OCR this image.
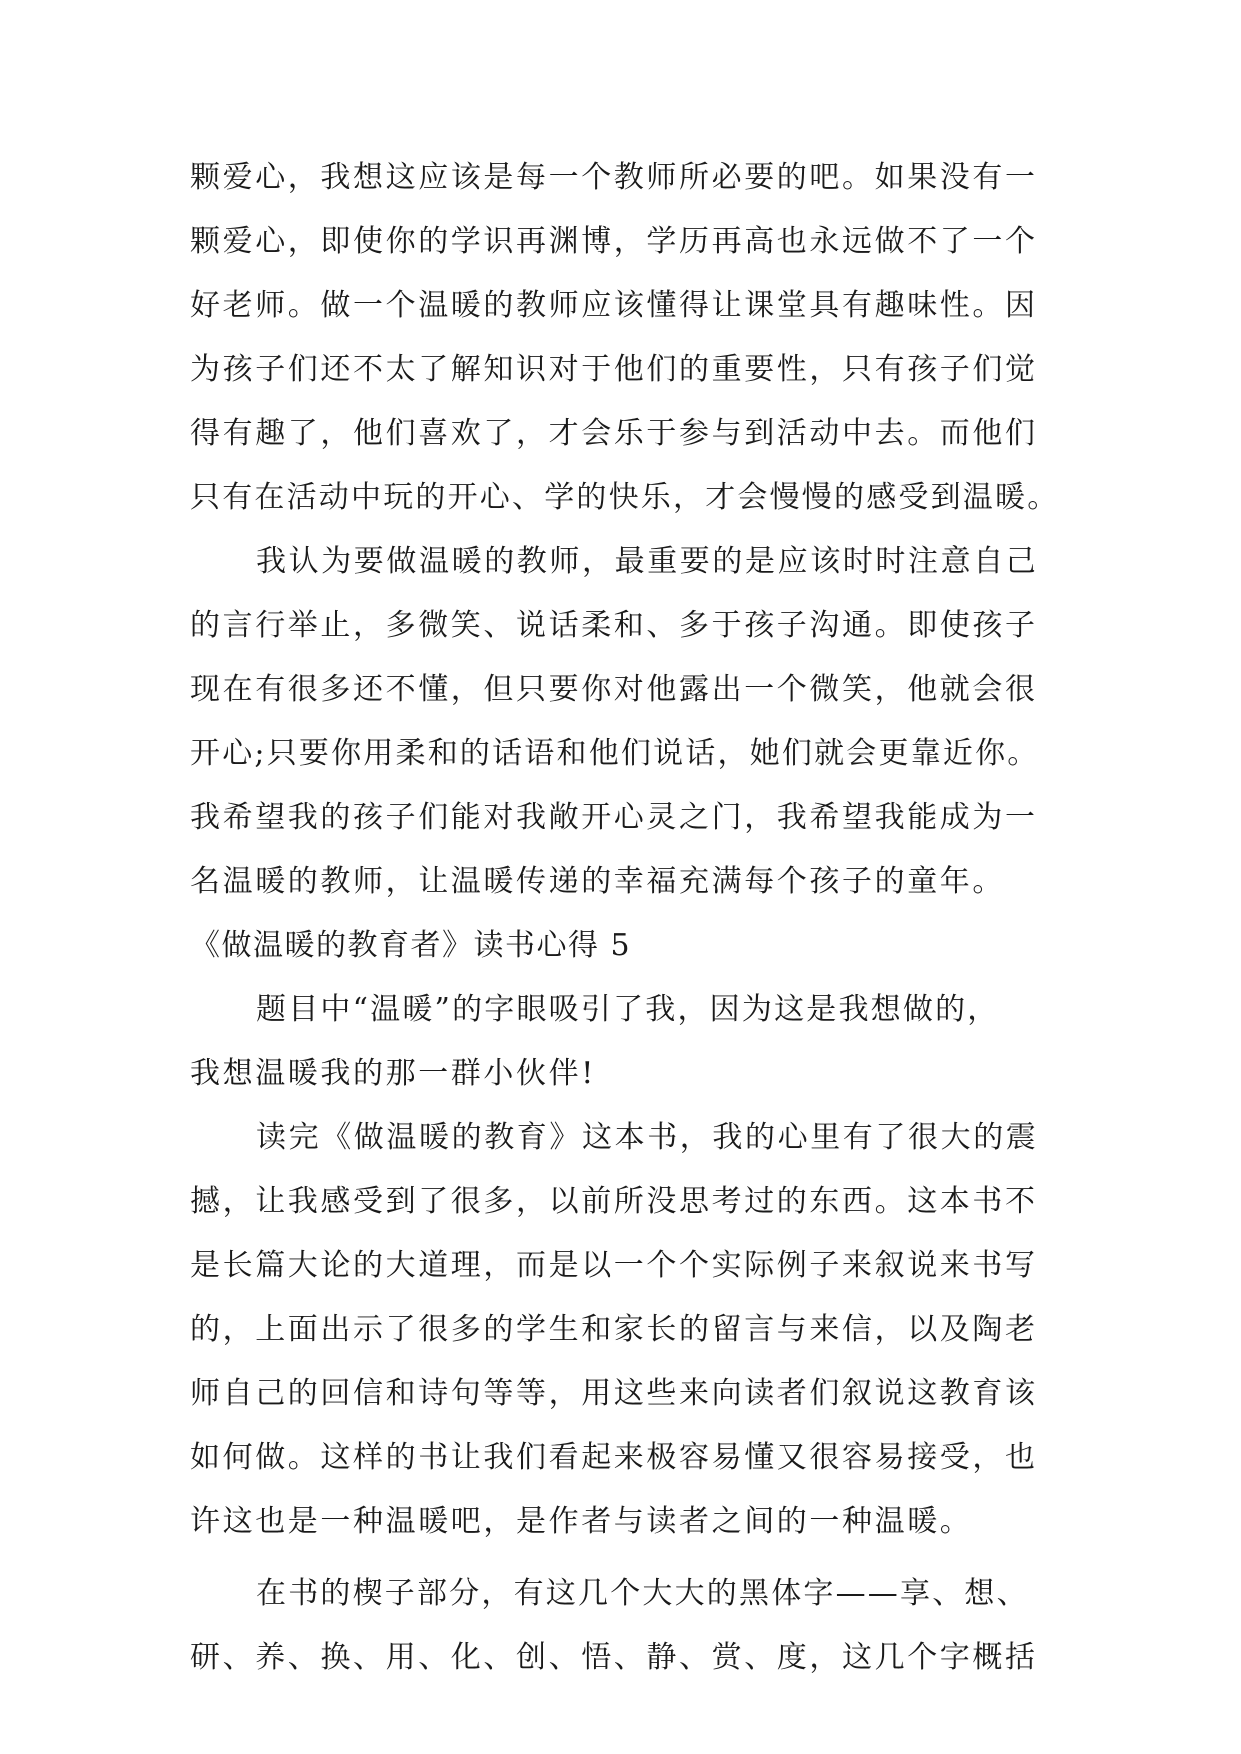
颗爱心，我想这应该是每一个教师所必要的吧。如果没有一
颗爱心，即使你的学识再渊博，学历再高也永远做不了一个
好老师。做一个温暖的教师应该懂得让课堂具有趣味性。因
为孩子们还不太了解知识对于他们的重要性，只有孩子们觉
得有趣了，他们喜欢了，才会乐于参与到活动中去。而他们
只有在活动中玩的开心、学的快乐，才会慢慢的感受到温暖。
我认为要做温暖的教师，最重要的是应该时时注意自己
的言行举止，多微笑、说话柔和、多于孩子沟通。即使孩子
现在有很多还不懂，但只要你对他露出一个微笑，他就会很
开心;只要你用柔和的话语和他们说话，她们就会更靠近你。
我希望我的孩子们能对我敞开心灵之门，我希望我能成为一
名温暖的教师，让温暖传递的幸福充满每个孩子的童年。
《做温暖的教育者》读书心得 5
题目中“温暖”的字眼吸引了我，因为这是我想做的，
我想温暖我的那一群小伙伴!
读完《做温暖的教育》这本书，我的心里有了很大的震
撼，让我感受到了很多，以前所没思考过的东西。这本书不
是长篇大论的大道理，而是以一个个实际例子来叙说来书写
的，上面出示了很多的学生和家长的留言与来信，以及陶老
师自己的回信和诗句等等，用这些来向读者们叙说这教育该
如何做。这样的书让我们看起来极容易懂又很容易接受，也
许这也是一种温暖吧，是作者与读者之间的一种温暖。
在书的楔子部分，有这几个大大的黑体字——享、想、
研、养、换、用、化、创、悟、静、赏、度，这几个字概括
